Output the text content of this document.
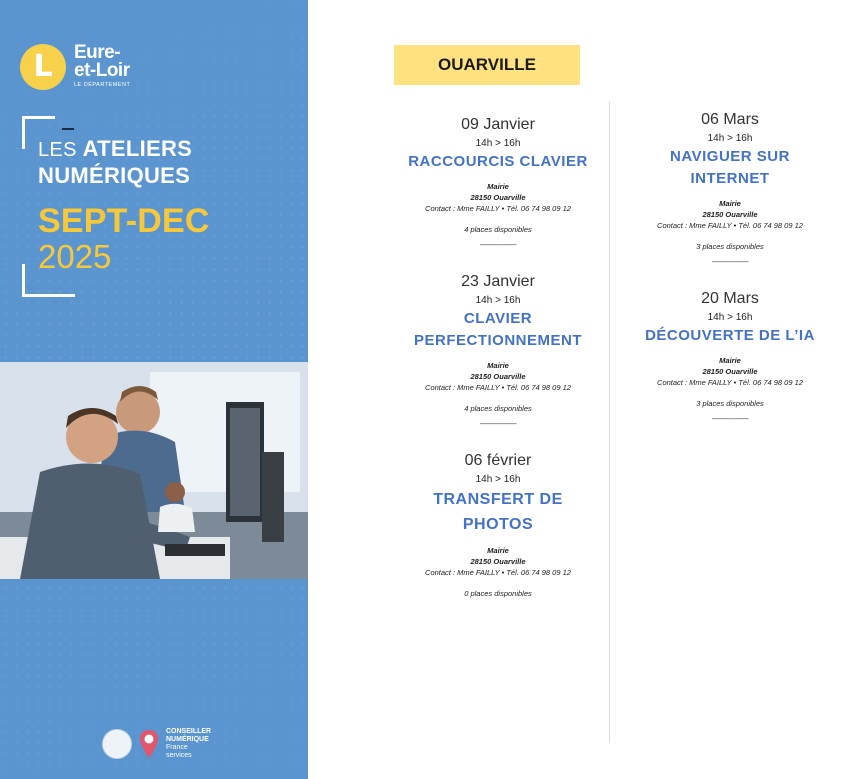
L	Eure-
et-Loir
LE DÉPARTEMENT
LES ATELIERS
NUMÉRIQUES
SEPT-DEC
2025
CONSEILLER
NUMÉRIQUE
France
services
OUARVILLE
09 Janvier
14h > 16h
RACCOURCIS CLAVIER
Mairie
28150 Ouarville
Contact : Mme FAILLY • Tél. 06 74 98 09 12
4 places disponibles
--------------------
23 Janvier
14h > 16h
CLAVIER
PERFECTIONNEMENT
Mairie
28150 Ouarville
Contact : Mme FAILLY • Tél. 06 74 98 09 12
4 places disponibles
--------------------
06 février
14h > 16h
TRANSFERT DE
PHOTOS
Mairie
28150 Ouarville
Contact : Mme FAILLY • Tél. 06 74 98 09 12
0 places disponibles
06 Mars
14h > 16h
NAVIGUER SUR
INTERNET
Mairie
28150 Ouarville
Contact : Mme FAILLY • Tél. 06 74 98 09 12
3 places disponibles
--------------------
20 Mars
14h > 16h
DÉCOUVERTE DE L’IA
Mairie
28150 Ouarville
Contact : Mme FAILLY • Tél. 06 74 98 09 12
3 places disponibles
--------------------
